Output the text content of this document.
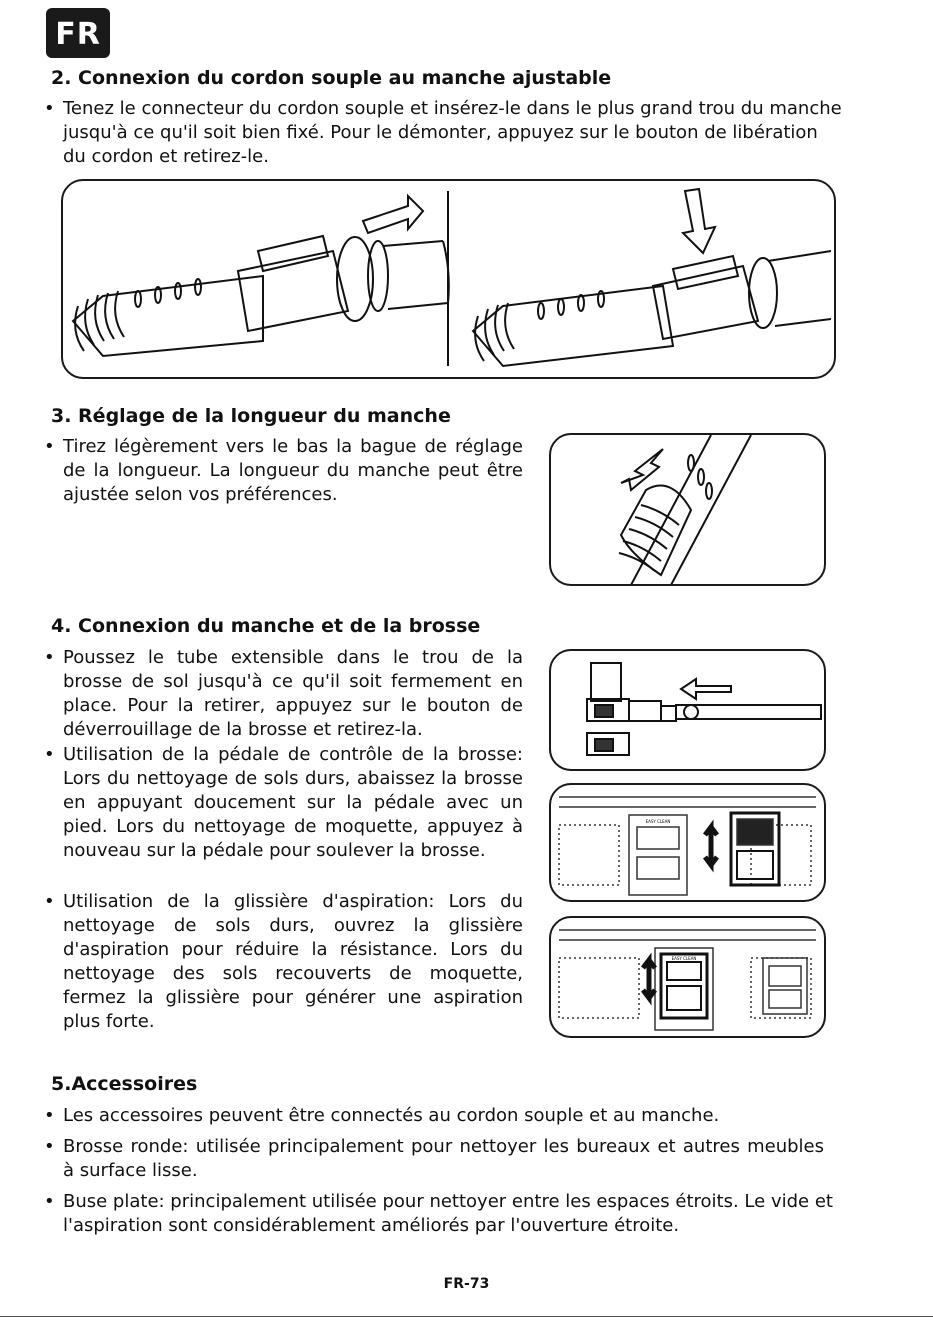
FR
2. Connexion du cordon souple au manche ajustable
• Tenez le connecteur du cordon souple et insérez-le dans le plus grand trou du manche jusqu'à ce qu'il soit bien fixé. Pour le démonter, appuyez sur le bouton de libération du cordon et retirez-le.
3. Réglage de la longueur du manche
• Tirez légèrement vers le bas la bague de réglage de la longueur. La longueur du manche peut être ajustée selon vos préférences.
4. Connexion du manche et de la brosse
• Poussez le tube extensible dans le trou de la brosse de sol jusqu'à ce qu'il soit fermement en place. Pour la retirer, appuyez sur le bouton de déverrouillage de la brosse et retirez-la.
• Utilisation de la pédale de contrôle de la brosse: Lors du nettoyage de sols durs, abaissez la brosse en appuyant doucement sur la pédale avec un pied. Lors du nettoyage de moquette, appuyez à nouveau sur la pédale pour soulever la brosse.
• Utilisation de la glissière d'aspiration: Lors du nettoyage de sols durs, ouvrez la glissière d'aspiration pour réduire la résistance. Lors du nettoyage des sols recouverts de moquette, fermez la glissière pour générer une aspiration plus forte.
EASY CLEAN
EASY CLEAN
5.Accessoires
• Les accessoires peuvent être connectés au cordon souple et au manche.
• Brosse ronde: utilisée principalement pour nettoyer les bureaux et autres meubles à surface lisse.
• Buse plate: principalement utilisée pour nettoyer entre les espaces étroits. Le vide et l'aspiration sont considérablement améliorés par l'ouverture étroite.
FR-73
